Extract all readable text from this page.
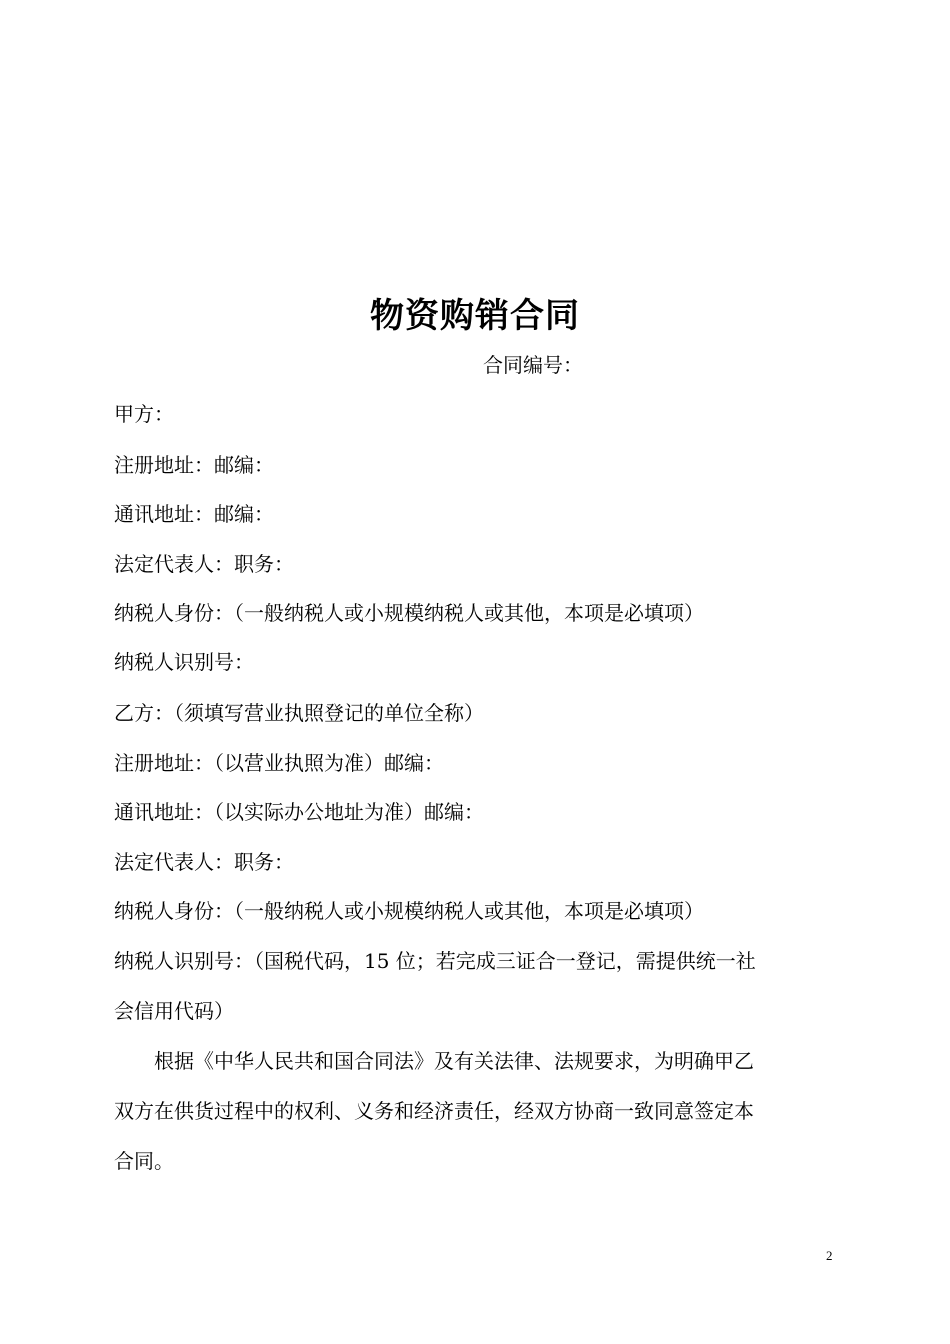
物资购销合同
合同编号：
甲方：
注册地址：邮编：
通讯地址：邮编：
法定代表人：职务：
纳税人身份：（一般纳税人或小规模纳税人或其他，本项是必填项）
纳税人识别号：
乙方：（须填写营业执照登记的单位全称）
注册地址：（以营业执照为准）邮编：
通讯地址：（以实际办公地址为准）邮编：
法定代表人：职务：
纳税人身份：（一般纳税人或小规模纳税人或其他，本项是必填项）
纳税人识别号：（国税代码，15 位；若完成三证合一登记，需提供统一社
会信用代码）
　　根据《中华人民共和国合同法》及有关法律、法规要求，为明确甲乙
双方在供货过程中的权利、义务和经济责任，经双方协商一致同意签定本
合同。
2
